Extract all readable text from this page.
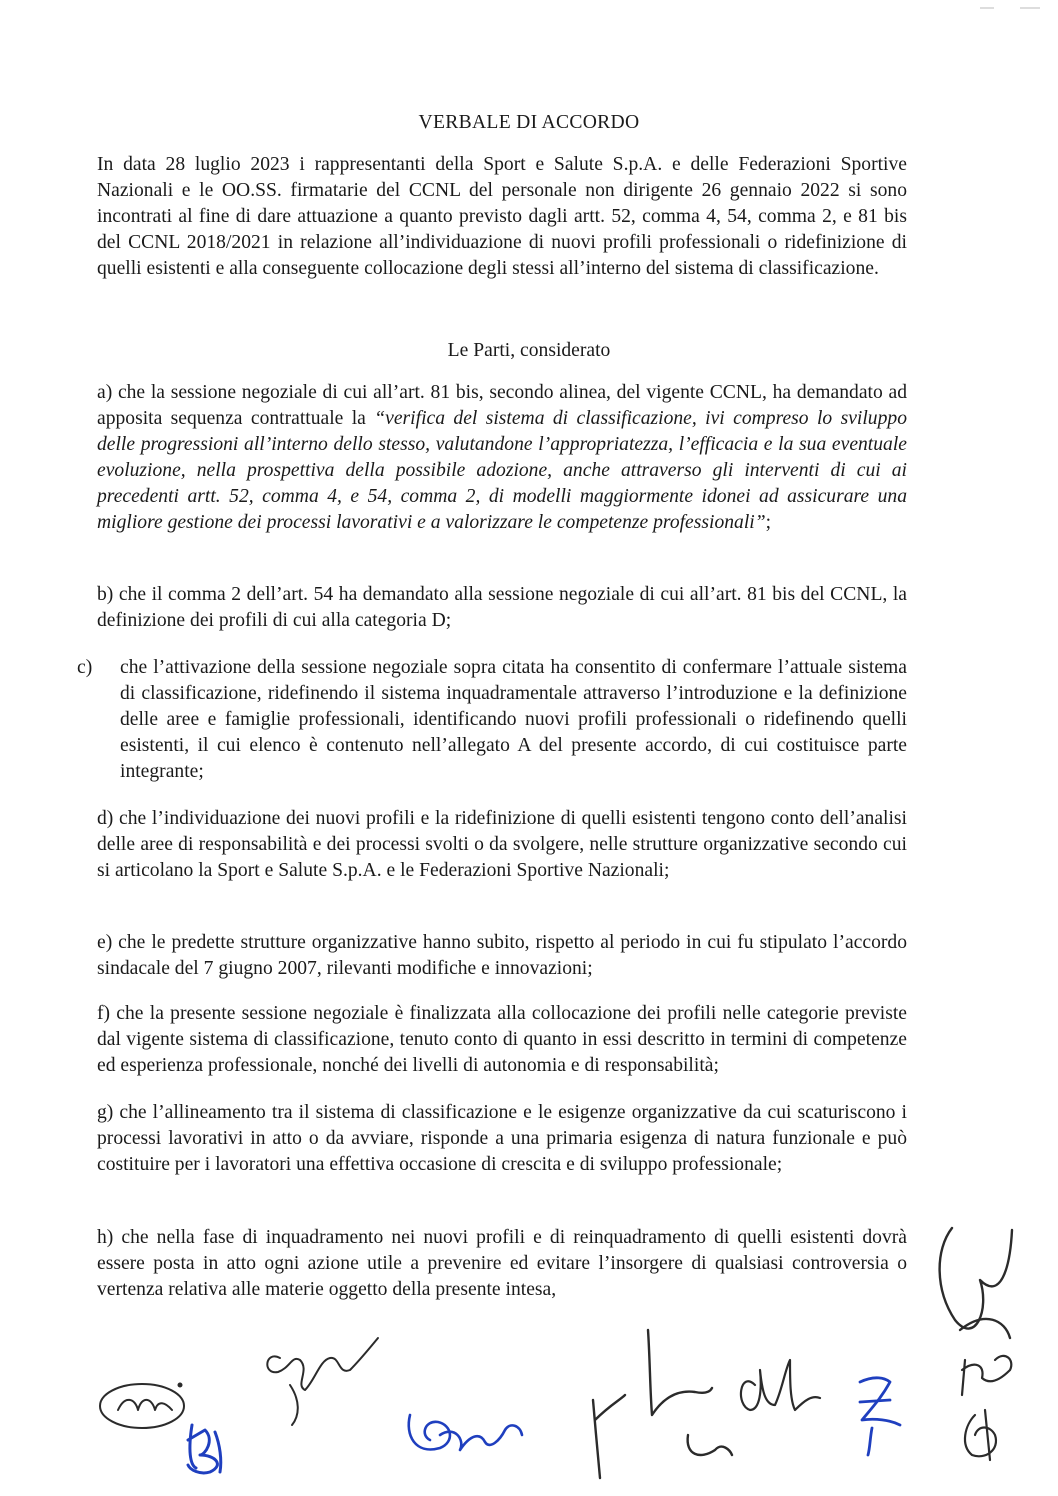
VERBALE DI ACCORDO

In data 28 luglio 2023 i rappresentanti della Sport e Salute S.p.A. e delle Federazioni Sportive Nazionali e le OO.SS. firmatarie del CCNL del personale non dirigente 26 gennaio 2022 si sono incontrati al fine di dare attuazione a quanto previsto dagli artt. 52, comma 4, 54, comma 2, e 81 bis del CCNL 2018/2021 in relazione all’individuazione di nuovi profili professionali o ridefinizione di quelli esistenti e alla conseguente collocazione degli stessi all’interno del sistema di classificazione.

Le Parti, considerato

a) che la sessione negoziale di cui all’art. 81 bis, secondo alinea, del vigente CCNL, ha demandato ad apposita sequenza contrattuale la “verifica del sistema di classificazione, ivi compreso lo sviluppo delle progressioni all’interno dello stesso, valutandone l’appropriatezza, l’efficacia e la sua eventuale evoluzione, nella prospettiva della possibile adozione, anche attraverso gli interventi di cui ai precedenti artt. 52, comma 4, e 54, comma 2, di modelli maggiormente idonei ad assicurare una migliore gestione dei processi lavorativi e a valorizzare le competenze professionali”;

b) che il comma 2 dell’art. 54 ha demandato alla sessione negoziale di cui all’art. 81 bis del CCNL, la definizione dei profili di cui alla categoria D;

c) che l’attivazione della sessione negoziale sopra citata ha consentito di confermare l’attuale sistema di classificazione, ridefinendo il sistema inquadramentale attraverso l’introduzione e la definizione delle aree e famiglie professionali, identificando nuovi profili professionali o ridefinendo quelli esistenti, il cui elenco è contenuto nell’allegato A del presente accordo, di cui costituisce parte integrante;

d) che l’individuazione dei nuovi profili e la ridefinizione di quelli esistenti tengono conto dell’analisi delle aree di responsabilità e dei processi svolti o da svolgere, nelle strutture organizzative secondo cui si articolano la Sport e Salute S.p.A. e le Federazioni Sportive Nazionali;

e) che le predette strutture organizzative hanno subito, rispetto al periodo in cui fu stipulato l’accordo sindacale del 7 giugno 2007, rilevanti modifiche e innovazioni;

f) che la presente sessione negoziale è finalizzata alla collocazione dei profili nelle categorie previste dal vigente sistema di classificazione, tenuto conto di quanto in essi descritto in termini di competenze ed esperienza professionale, nonché dei livelli di autonomia e di responsabilità;

g) che l’allineamento tra il sistema di classificazione e le esigenze organizzative da cui scaturiscono i processi lavorativi in atto o da avviare, risponde a una primaria esigenza di natura funzionale e può costituire per i lavoratori una effettiva occasione di crescita e di sviluppo professionale;

h) che nella fase di inquadramento nei nuovi profili e di reinquadramento di quelli esistenti dovrà essere posta in atto ogni azione utile a prevenire ed evitare l’insorgere di qualsiasi controversia o vertenza relativa alle materie oggetto della presente intesa,
